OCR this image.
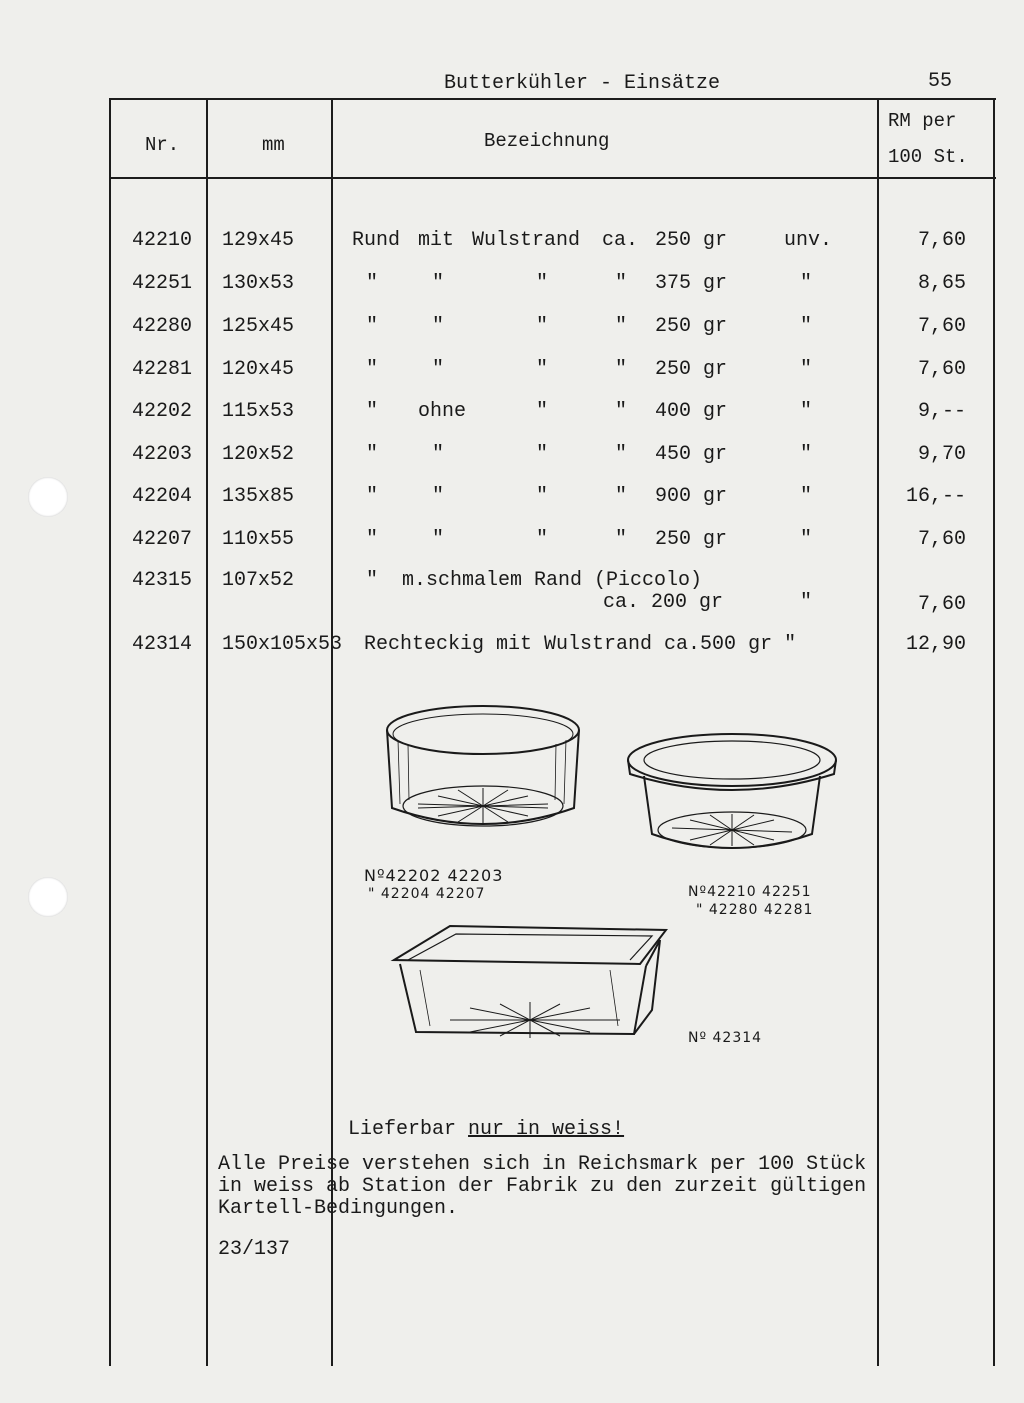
Butterkühler - Einsätze	55
Nr.	mm	Bezeichnung
RM per
100 St.
42210 129x45	Rund mit Wulstrand ca. 250 gr	unv.	7,60
42251 130x53	"	"	"	" 375 gr	"	8,65
42280 125x45	"	"	"	" 250 gr	"	7,60
42281 120x45	"	"	"	" 250 gr	"	7,60
42202 115x53	" ohne	"	" 400 gr	"	9,--
42203 120x52	"	"	"	" 450 gr	"	9,70
42204 135x85	"	"	"	" 900 gr	"	16,--
42207 110x55	"	"	"	" 250 gr	"	7,60
42315 107x52	"  m.schmalem Rand (Piccolo)
ca. 200 gr	"	7,60
42314 150x105x53 Rechteckig mit Wulstrand ca.500 gr "	12,90
Nº42202 42203
" 42204 42207	Nº42210 42251
" 42280 42281
Nº 42314
Lieferbar nur in weiss!
Alle Preise verstehen sich in Reichsmark per 100 Stück
in weiss ab Station der Fabrik zu den zurzeit gültigen
Kartell-Bedingungen.
23/137
